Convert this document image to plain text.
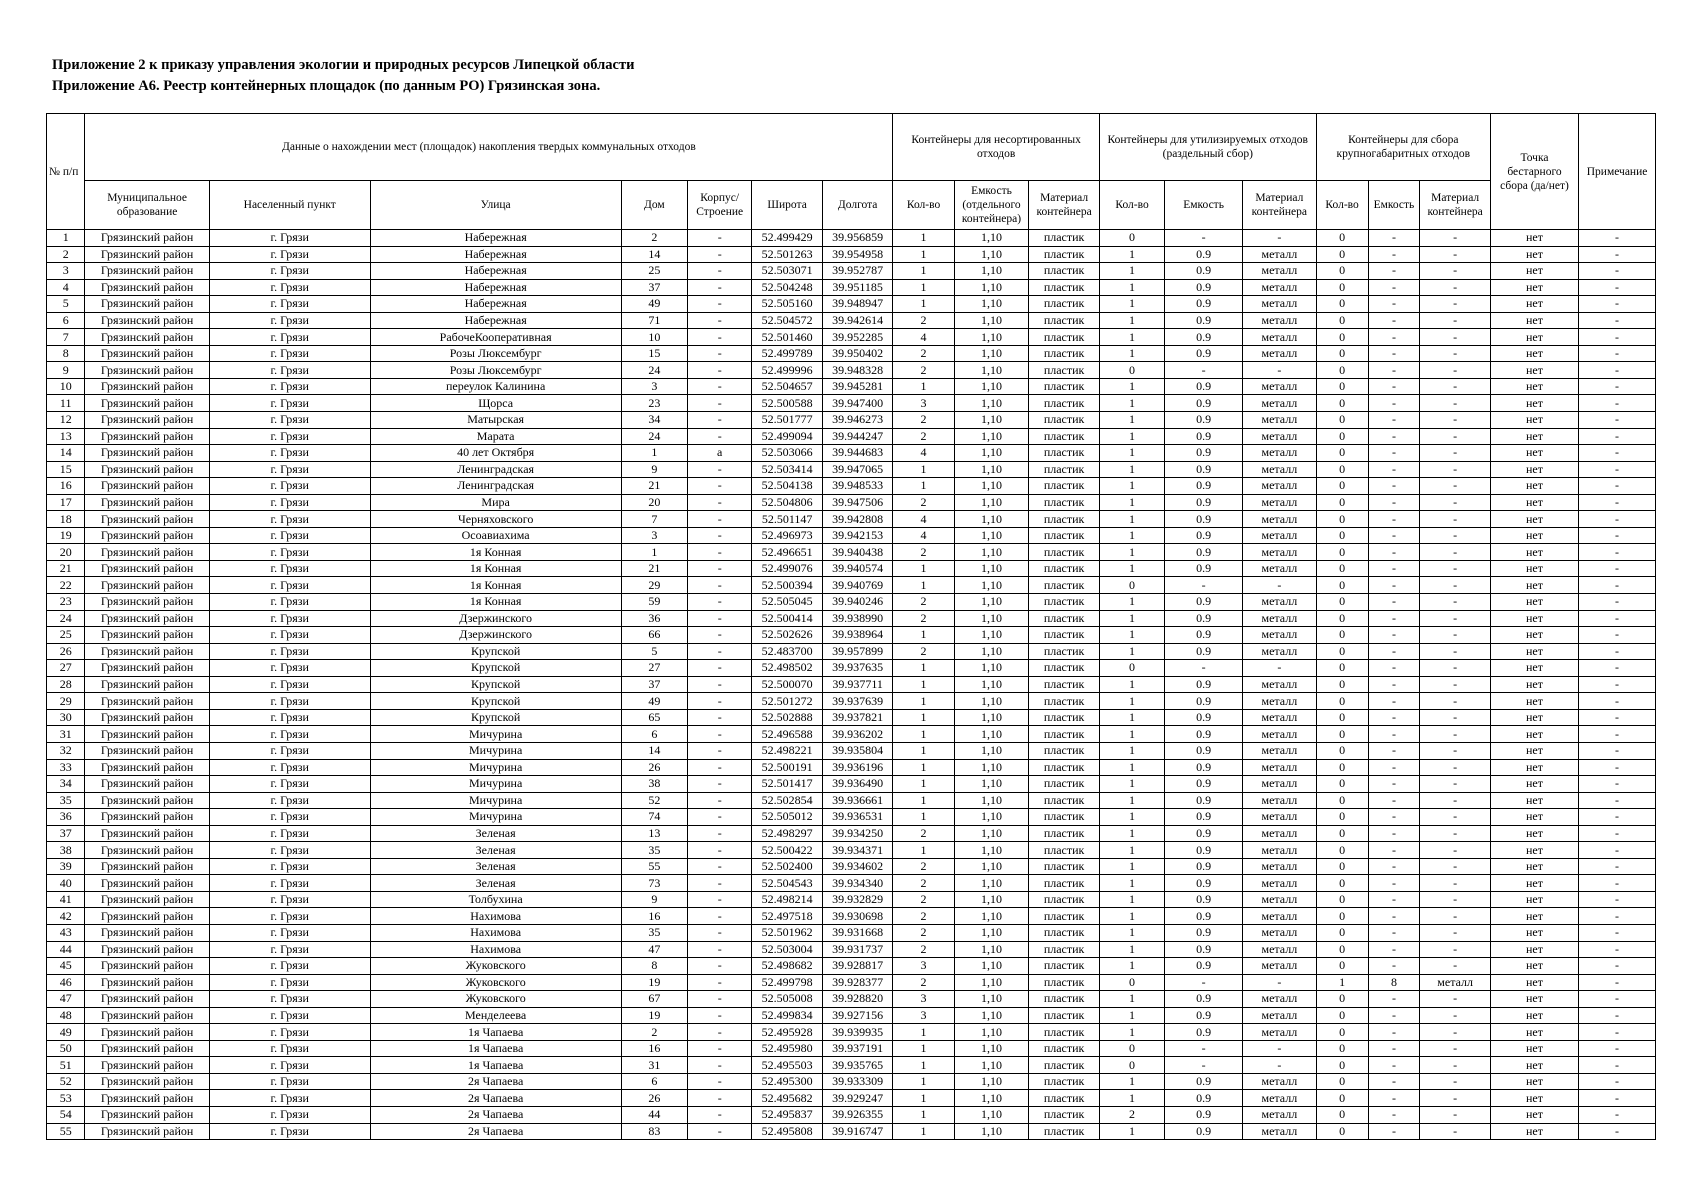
Приложение 2 к приказу управления экологии и природных ресурсов Липецкой области
Приложение А6. Реестр контейнерных площадок (по данным РО) Грязинская зона.
№ п/п	Данные о нахождении мест (площадок) накопления твердых коммунальных отходов							Контейнеры для несортированных отходов			Контейнеры для утилизируемых отходов (раздельный сбор)			Контейнеры для сбора крупногабаритных отходов			Точка бестарного сбора (да/нет)	Примечание
	Муниципальное образование	Населенный пункт	Улица	Дом	Корпус/ Строение	Широта	Долгота	Кол-во	Емкость (отдельного контейнера)	Материал контейнера	Кол-во	Емкость	Материал контейнера	Кол-во	Емкость	Материал контейнера		
1	Грязинский район	г. Грязи	Набережная	2	-	52.499429	39.956859	1	1,10	пластик	0	-	-	0	-	-	нет	-
2	Грязинский район	г. Грязи	Набережная	14	-	52.501263	39.954958	1	1,10	пластик	1	0.9	металл	0	-	-	нет	-
3	Грязинский район	г. Грязи	Набережная	25	-	52.503071	39.952787	1	1,10	пластик	1	0.9	металл	0	-	-	нет	-
4	Грязинский район	г. Грязи	Набережная	37	-	52.504248	39.951185	1	1,10	пластик	1	0.9	металл	0	-	-	нет	-
5	Грязинский район	г. Грязи	Набережная	49	-	52.505160	39.948947	1	1,10	пластик	1	0.9	металл	0	-	-	нет	-
6	Грязинский район	г. Грязи	Набережная	71	-	52.504572	39.942614	2	1,10	пластик	1	0.9	металл	0	-	-	нет	-
7	Грязинский район	г. Грязи	РабочеКооперативная	10	-	52.501460	39.952285	4	1,10	пластик	1	0.9	металл	0	-	-	нет	-
8	Грязинский район	г. Грязи	Розы Люксембург	15	-	52.499789	39.950402	2	1,10	пластик	1	0.9	металл	0	-	-	нет	-
9	Грязинский район	г. Грязи	Розы Люксембург	24	-	52.499996	39.948328	2	1,10	пластик	0	-	-	0	-	-	нет	-
10	Грязинский район	г. Грязи	переулок Калинина	3	-	52.504657	39.945281	1	1,10	пластик	1	0.9	металл	0	-	-	нет	-
11	Грязинский район	г. Грязи	Щорса	23	-	52.500588	39.947400	3	1,10	пластик	1	0.9	металл	0	-	-	нет	-
12	Грязинский район	г. Грязи	Матырская	34	-	52.501777	39.946273	2	1,10	пластик	1	0.9	металл	0	-	-	нет	-
13	Грязинский район	г. Грязи	Марата	24	-	52.499094	39.944247	2	1,10	пластик	1	0.9	металл	0	-	-	нет	-
14	Грязинский район	г. Грязи	40 лет Октября	1	а	52.503066	39.944683	4	1,10	пластик	1	0.9	металл	0	-	-	нет	-
15	Грязинский район	г. Грязи	Ленинградская	9	-	52.503414	39.947065	1	1,10	пластик	1	0.9	металл	0	-	-	нет	-
16	Грязинский район	г. Грязи	Ленинградская	21	-	52.504138	39.948533	1	1,10	пластик	1	0.9	металл	0	-	-	нет	-
17	Грязинский район	г. Грязи	Мира	20	-	52.504806	39.947506	2	1,10	пластик	1	0.9	металл	0	-	-	нет	-
18	Грязинский район	г. Грязи	Черняховского	7	-	52.501147	39.942808	4	1,10	пластик	1	0.9	металл	0	-	-	нет	-
19	Грязинский район	г. Грязи	Осоавиахима	3	-	52.496973	39.942153	4	1,10	пластик	1	0.9	металл	0	-	-	нет	-
20	Грязинский район	г. Грязи	1я Конная	1	-	52.496651	39.940438	2	1,10	пластик	1	0.9	металл	0	-	-	нет	-
21	Грязинский район	г. Грязи	1я Конная	21	-	52.499076	39.940574	1	1,10	пластик	1	0.9	металл	0	-	-	нет	-
22	Грязинский район	г. Грязи	1я Конная	29	-	52.500394	39.940769	1	1,10	пластик	0	-	-	0	-	-	нет	-
23	Грязинский район	г. Грязи	1я Конная	59	-	52.505045	39.940246	2	1,10	пластик	1	0.9	металл	0	-	-	нет	-
24	Грязинский район	г. Грязи	Дзержинского	36	-	52.500414	39.938990	2	1,10	пластик	1	0.9	металл	0	-	-	нет	-
25	Грязинский район	г. Грязи	Дзержинского	66	-	52.502626	39.938964	1	1,10	пластик	1	0.9	металл	0	-	-	нет	-
26	Грязинский район	г. Грязи	Крупской	5	-	52.483700	39.957899	2	1,10	пластик	1	0.9	металл	0	-	-	нет	-
27	Грязинский район	г. Грязи	Крупской	27	-	52.498502	39.937635	1	1,10	пластик	0	-	-	0	-	-	нет	-
28	Грязинский район	г. Грязи	Крупской	37	-	52.500070	39.937711	1	1,10	пластик	1	0.9	металл	0	-	-	нет	-
29	Грязинский район	г. Грязи	Крупской	49	-	52.501272	39.937639	1	1,10	пластик	1	0.9	металл	0	-	-	нет	-
30	Грязинский район	г. Грязи	Крупской	65	-	52.502888	39.937821	1	1,10	пластик	1	0.9	металл	0	-	-	нет	-
31	Грязинский район	г. Грязи	Мичурина	6	-	52.496588	39.936202	1	1,10	пластик	1	0.9	металл	0	-	-	нет	-
32	Грязинский район	г. Грязи	Мичурина	14	-	52.498221	39.935804	1	1,10	пластик	1	0.9	металл	0	-	-	нет	-
33	Грязинский район	г. Грязи	Мичурина	26	-	52.500191	39.936196	1	1,10	пластик	1	0.9	металл	0	-	-	нет	-
34	Грязинский район	г. Грязи	Мичурина	38	-	52.501417	39.936490	1	1,10	пластик	1	0.9	металл	0	-	-	нет	-
35	Грязинский район	г. Грязи	Мичурина	52	-	52.502854	39.936661	1	1,10	пластик	1	0.9	металл	0	-	-	нет	-
36	Грязинский район	г. Грязи	Мичурина	74	-	52.505012	39.936531	1	1,10	пластик	1	0.9	металл	0	-	-	нет	-
37	Грязинский район	г. Грязи	Зеленая	13	-	52.498297	39.934250	2	1,10	пластик	1	0.9	металл	0	-	-	нет	-
38	Грязинский район	г. Грязи	Зеленая	35	-	52.500422	39.934371	1	1,10	пластик	1	0.9	металл	0	-	-	нет	-
39	Грязинский район	г. Грязи	Зеленая	55	-	52.502400	39.934602	2	1,10	пластик	1	0.9	металл	0	-	-	нет	-
40	Грязинский район	г. Грязи	Зеленая	73	-	52.504543	39.934340	2	1,10	пластик	1	0.9	металл	0	-	-	нет	-
41	Грязинский район	г. Грязи	Толбухина	9	-	52.498214	39.932829	2	1,10	пластик	1	0.9	металл	0	-	-	нет	-
42	Грязинский район	г. Грязи	Нахимова	16	-	52.497518	39.930698	2	1,10	пластик	1	0.9	металл	0	-	-	нет	-
43	Грязинский район	г. Грязи	Нахимова	35	-	52.501962	39.931668	2	1,10	пластик	1	0.9	металл	0	-	-	нет	-
44	Грязинский район	г. Грязи	Нахимова	47	-	52.503004	39.931737	2	1,10	пластик	1	0.9	металл	0	-	-	нет	-
45	Грязинский район	г. Грязи	Жуковского	8	-	52.498682	39.928817	3	1,10	пластик	1	0.9	металл	0	-	-	нет	-
46	Грязинский район	г. Грязи	Жуковского	19	-	52.499798	39.928377	2	1,10	пластик	0	-	-	1	8	металл	нет	-
47	Грязинский район	г. Грязи	Жуковского	67	-	52.505008	39.928820	3	1,10	пластик	1	0.9	металл	0	-	-	нет	-
48	Грязинский район	г. Грязи	Менделеева	19	-	52.499834	39.927156	3	1,10	пластик	1	0.9	металл	0	-	-	нет	-
49	Грязинский район	г. Грязи	1я Чапаева	2	-	52.495928	39.939935	1	1,10	пластик	1	0.9	металл	0	-	-	нет	-
50	Грязинский район	г. Грязи	1я Чапаева	16	-	52.495980	39.937191	1	1,10	пластик	0	-	-	0	-	-	нет	-
51	Грязинский район	г. Грязи	1я Чапаева	31	-	52.495503	39.935765	1	1,10	пластик	0	-	-	0	-	-	нет	-
52	Грязинский район	г. Грязи	2я Чапаева	6	-	52.495300	39.933309	1	1,10	пластик	1	0.9	металл	0	-	-	нет	-
53	Грязинский район	г. Грязи	2я Чапаева	26	-	52.495682	39.929247	1	1,10	пластик	1	0.9	металл	0	-	-	нет	-
54	Грязинский район	г. Грязи	2я Чапаева	44	-	52.495837	39.926355	1	1,10	пластик	2	0.9	металл	0	-	-	нет	-
55	Грязинский район	г. Грязи	2я Чапаева	83	-	52.495808	39.916747	1	1,10	пластик	1	0.9	металл	0	-	-	нет	-
